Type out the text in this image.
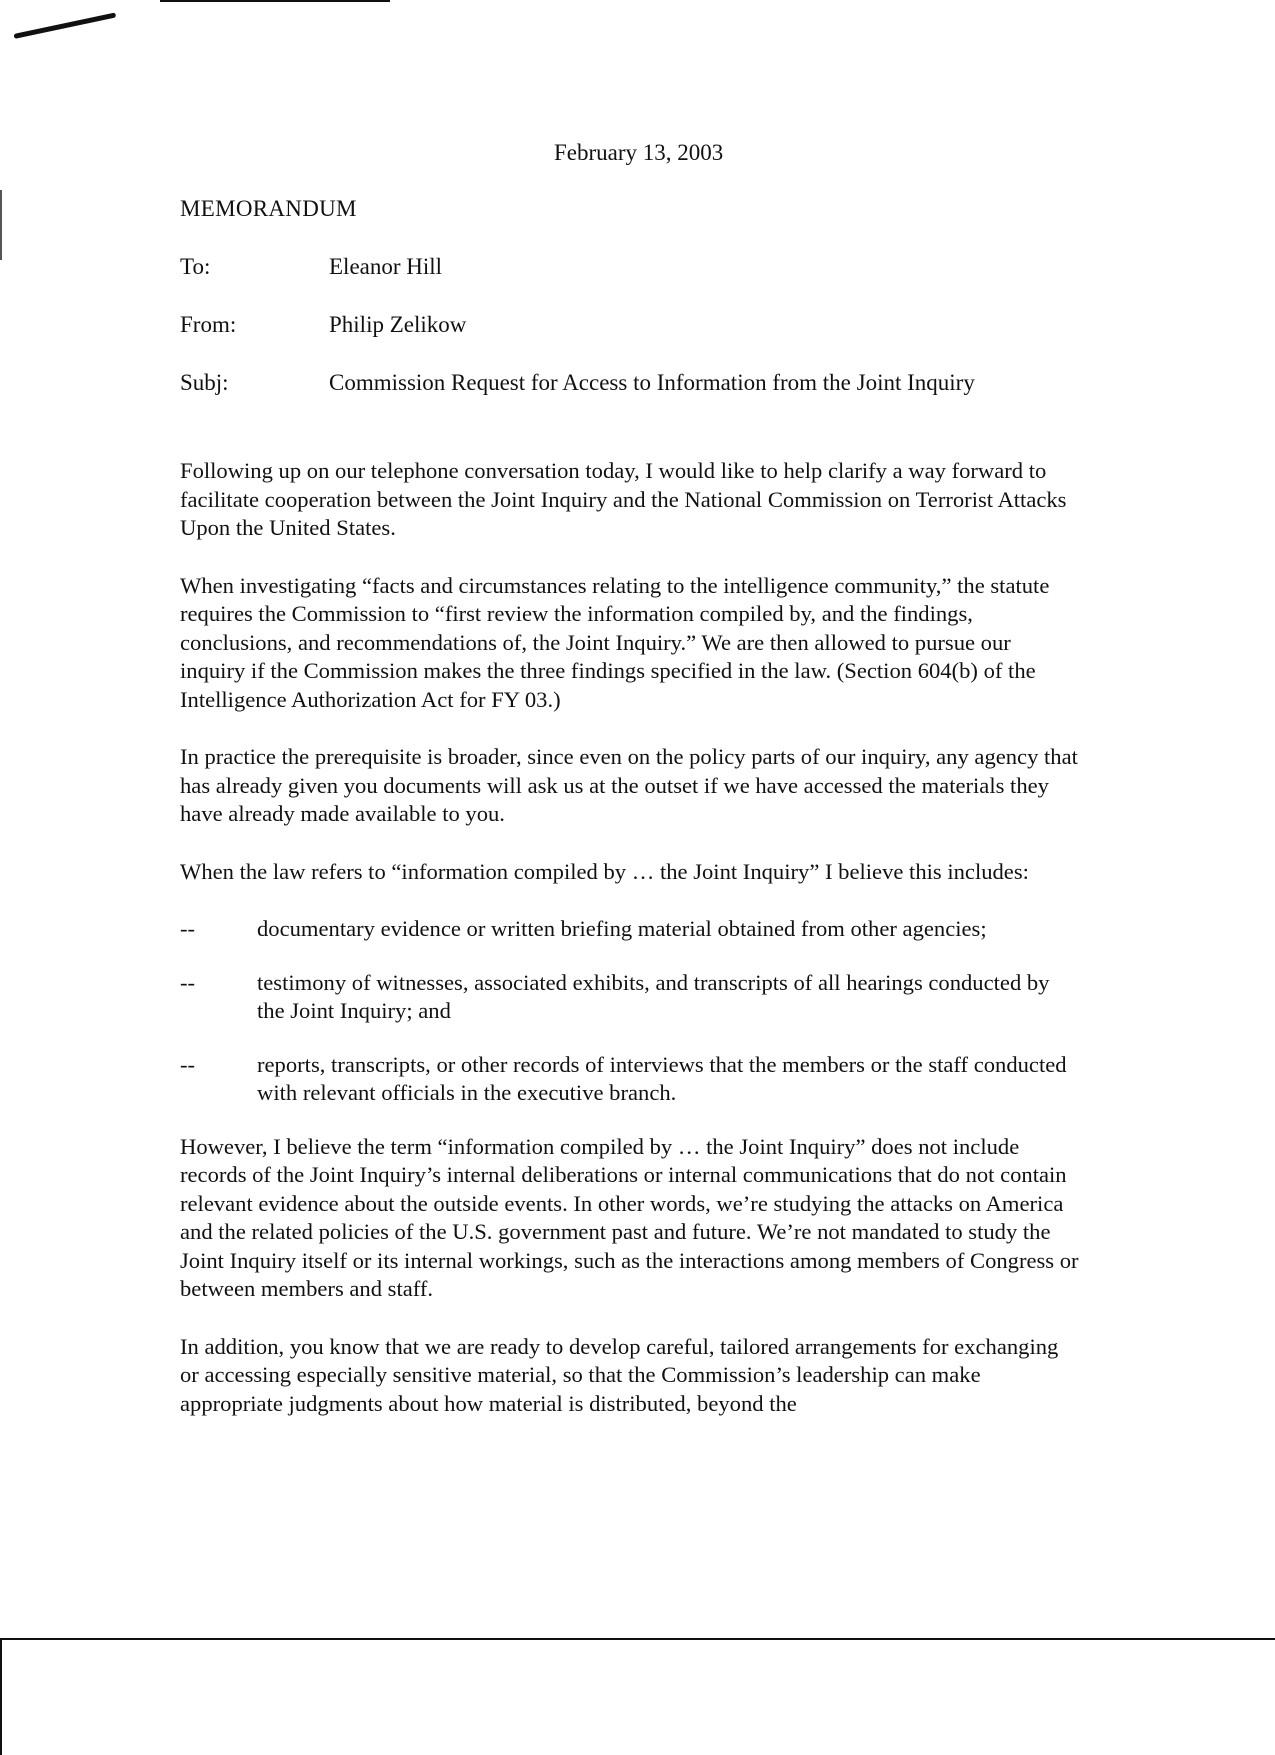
February 13, 2003
MEMORANDUM
To:	Eleanor Hill
From:	Philip Zelikow
Subj:	Commission Request for Access to Information from the Joint Inquiry

Following up on our telephone conversation today, I would like to help clarify a way forward to facilitate cooperation between the Joint Inquiry and the National Commission on Terrorist Attacks Upon the United States.

When investigating “facts and circumstances relating to the intelligence community,” the statute requires the Commission to “first review the information compiled by, and the findings, conclusions, and recommendations of, the Joint Inquiry.” We are then allowed to pursue our inquiry if the Commission makes the three findings specified in the law. (Section 604(b) of the Intelligence Authorization Act for FY 03.)

In practice the prerequisite is broader, since even on the policy parts of our inquiry, any agency that has already given you documents will ask us at the outset if we have accessed the materials they have already made available to you.

When the law refers to “information compiled by … the Joint Inquiry” I believe this includes:

--	documentary evidence or written briefing material obtained from other agencies;
--	testimony of witnesses, associated exhibits, and transcripts of all hearings conducted by the Joint Inquiry; and
--	reports, transcripts, or other records of interviews that the members or the staff conducted with relevant officials in the executive branch.

However, I believe the term “information compiled by … the Joint Inquiry” does not include records of the Joint Inquiry’s internal deliberations or internal communications that do not contain relevant evidence about the outside events. In other words, we’re studying the attacks on America and the related policies of the U.S. government past and future. We’re not mandated to study the Joint Inquiry itself or its internal workings, such as the interactions among members of Congress or between members and staff.

In addition, you know that we are ready to develop careful, tailored arrangements for exchanging or accessing especially sensitive material, so that the Commission’s leadership can make appropriate judgments about how material is distributed, beyond the
